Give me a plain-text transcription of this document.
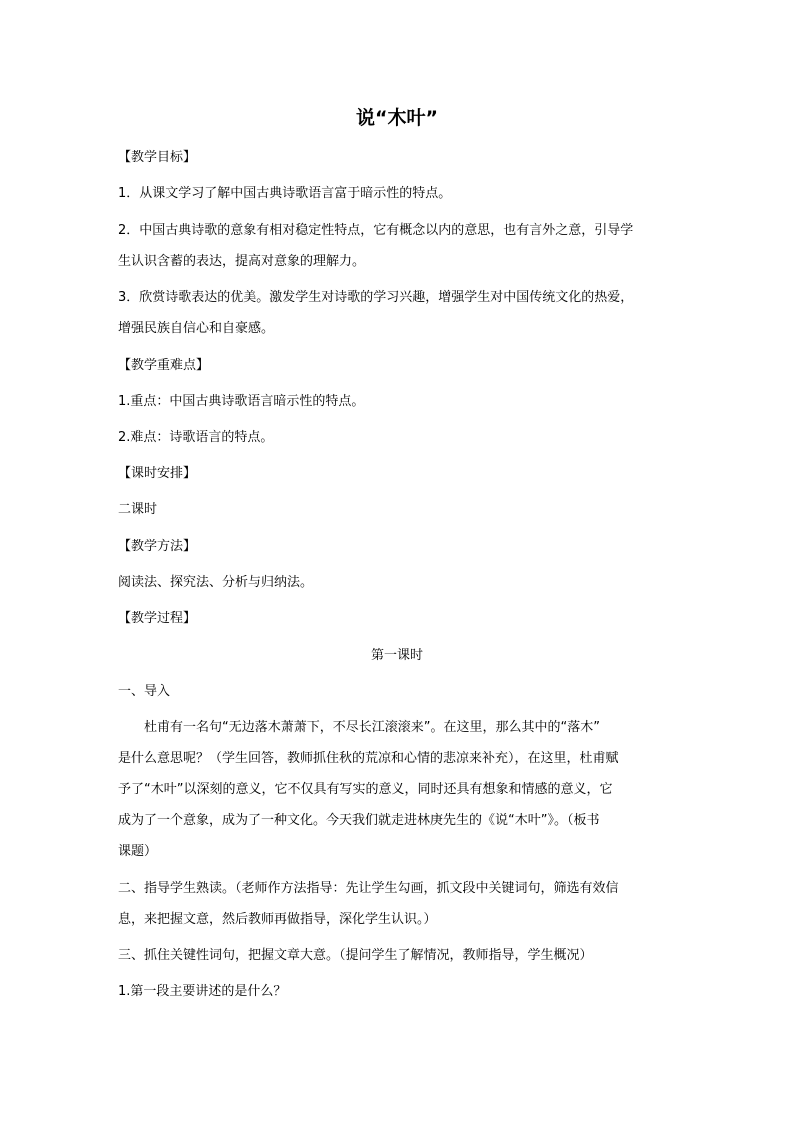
说“木叶”
【教学目标】
1．从课文学习了解中国古典诗歌语言富于暗示性的特点。
2．中国古典诗歌的意象有相对稳定性特点，它有概念以内的意思，也有言外之意，引导学
生认识含蓄的表达，提高对意象的理解力。
3．欣赏诗歌表达的优美。激发学生对诗歌的学习兴趣，增强学生对中国传统文化的热爱，
增强民族自信心和自豪感。
【教学重难点】
1.重点：中国古典诗歌语言暗示性的特点。
2.难点：诗歌语言的特点。
【课时安排】
二课时
【教学方法】
阅读法、探究法、分析与归纳法。
【教学过程】
第一课时
一、导入
　　杜甫有一名句“无边落木萧萧下，不尽长江滚滚来”。在这里，那么其中的“落木”
是什么意思呢？（学生回答，教师抓住秋的荒凉和心情的悲凉来补充），在这里，杜甫赋
予了“木叶”以深刻的意义，它不仅具有写实的意义，同时还具有想象和情感的意义，它
成为了一个意象，成为了一种文化。今天我们就走进林庚先生的《说“木叶”》。（板书
课题）
二、指导学生熟读。（老师作方法指导：先让学生勾画，抓文段中关键词句，筛选有效信
息，来把握文意，然后教师再做指导，深化学生认识。）
三、抓住关键性词句，把握文章大意。（提问学生了解情况，教师指导，学生概况）
1.第一段主要讲述的是什么？
